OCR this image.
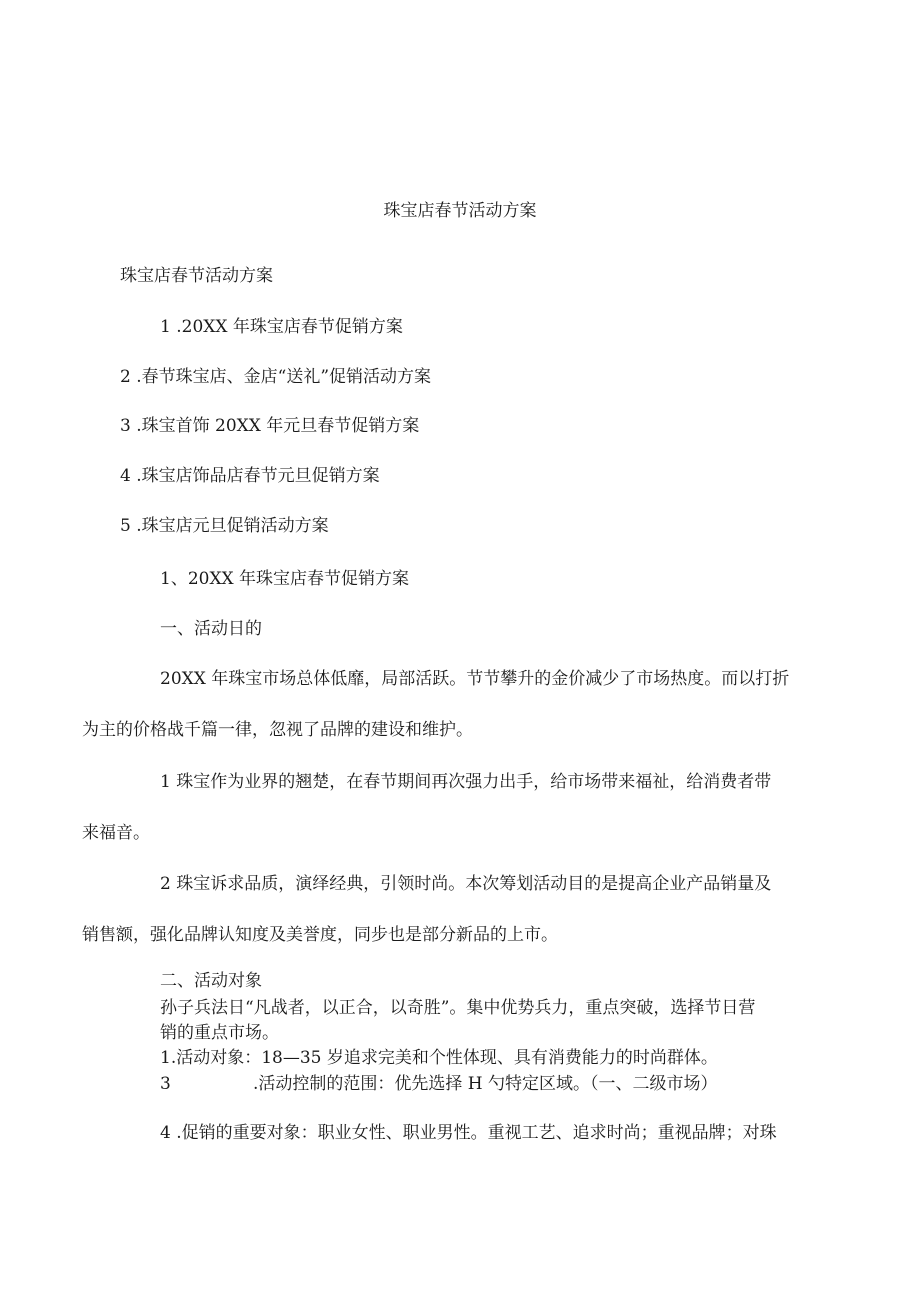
珠宝店春节活动方案
珠宝店春节活动方案
1 .20XX 年珠宝店春节促销方案
2 .春节珠宝店、金店“送礼”促销活动方案
3 .珠宝首饰 20XX 年元旦春节促销方案
4 .珠宝店饰品店春节元旦促销方案
5 .珠宝店元旦促销活动方案
1、20XX 年珠宝店春节促销方案
一、活动日的
20XX 年珠宝市场总体低靡，局部活跃。节节攀升的金价减少了市场热度。而以打折
为主的价格战千篇一律，忽视了品牌的建设和维护。
1 珠宝作为业界的翘楚，在春节期间再次强力出手，给市场带来福祉，给消费者带
来福音。
2 珠宝诉求品质，演绎经典，引领时尚。本次筹划活动目的是提高企业产品销量及
销售额，强化品牌认知度及美誉度，同步也是部分新品的上市。
二、活动对象
孙子兵法日“凡战者，以正合，以奇胜”。集中优势兵力，重点突破，选择节日营
销的重点市场。
1.活动对象：18—35 岁追求完美和个性体现、具有消费能力的时尚群体。
3	.活动控制的范围：优先选择 H 勺特定区域。（一、二级市场）
4 .促销的重要对象：职业女性、职业男性。重视工艺、追求时尚；重视品牌；对珠
